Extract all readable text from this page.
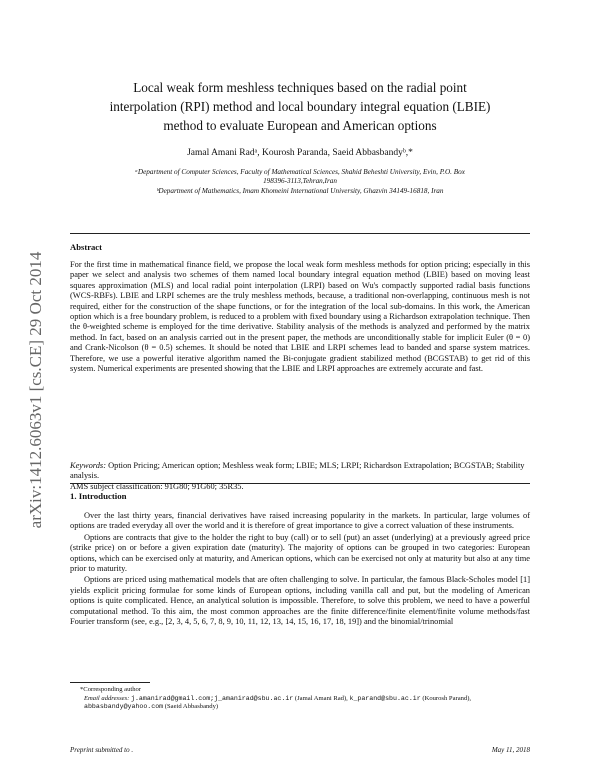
arXiv:1412.6063v1 [cs.CE] 29 Oct 2014
Local weak form meshless techniques based on the radial point
interpolation (RPI) method and local boundary integral equation (LBIE)
method to evaluate European and American options
Jamal Amani Radᵃ, Kourosh Paranda, Saeid Abbasbandyᵇ,*
ᵃDepartment of Computer Sciences, Faculty of Mathematical Sciences, Shahid Beheshti University, Evin, P.O. Box
198396-3113,Tehran,Iran
ᵇDepartment of Mathematics, Imam Khomeini International University, Ghazvin 34149-16818, Iran
Abstract
For the first time in mathematical finance field, we propose the local weak form meshless methods for option pricing; especially in this paper we select and analysis two schemes of them named local boundary integral equation method (LBIE) based on moving least squares approximation (MLS) and local radial point interpolation (LRPI) based on Wu's compactly supported radial basis functions (WCS-RBFs). LBIE and LRPI schemes are the truly meshless methods, because, a traditional non-overlapping, continuous mesh is not required, either for the construction of the shape functions, or for the integration of the local sub-domains. In this work, the American option which is a free boundary problem, is reduced to a problem with fixed boundary using a Richardson extrapolation technique. Then the θ-weighted scheme is employed for the time derivative. Stability analysis of the methods is analyzed and performed by the matrix method. In fact, based on an analysis carried out in the present paper, the methods are unconditionally stable for implicit Euler (θ = 0) and Crank-Nicolson (θ = 0.5) schemes. It should be noted that LBIE and LRPI schemes lead to banded and sparse system matrices. Therefore, we use a powerful iterative algorithm named the Bi-conjugate gradient stabilized method (BCGSTAB) to get rid of this system. Numerical experiments are presented showing that the LBIE and LRPI approaches are extremely accurate and fast.
Keywords: Option Pricing; American option; Meshless weak form; LBIE; MLS; LRPI; Richardson Extrapolation; BCGSTAB; Stability analysis.
AMS subject classification: 91G80; 91G60; 35R35.
1. Introduction

Over the last thirty years, financial derivatives have raised increasing popularity in the markets. In particular, large volumes of options are traded everyday all over the world and it is therefore of great importance to give a correct valuation of these instruments.

Options are contracts that give to the holder the right to buy (call) or to sell (put) an asset (underlying) at a previously agreed price (strike price) on or before a given expiration date (maturity). The majority of options can be grouped in two categories: European options, which can be exercised only at maturity, and American options, which can be exercised not only at maturity but also at any time prior to maturity.

Options are priced using mathematical models that are often challenging to solve. In particular, the famous Black-Scholes model [1] yields explicit pricing formulae for some kinds of European options, including vanilla call and put, but the modeling of American options is quite complicated. Hence, an analytical solution is impossible. Therefore, to solve this problem, we need to have a powerful computational method. To this aim, the most common approaches are the finite difference/finite element/finite volume methods/fast Fourier transform (see, e.g., [2, 3, 4, 5, 6, 7, 8, 9, 10, 11, 12, 13, 14, 15, 16, 17, 18, 19]) and the binomial/trinomial

*Corresponding author
Email addresses: j.amanirad@gmail.com;j_amanirad@sbu.ac.ir (Jamal Amani Rad), k_parand@sbu.ac.ir (Kourosh Parand), abbasbandy@yahoo.com (Saeid Abbasbandy)
Preprint submitted to .	May 11, 2018
